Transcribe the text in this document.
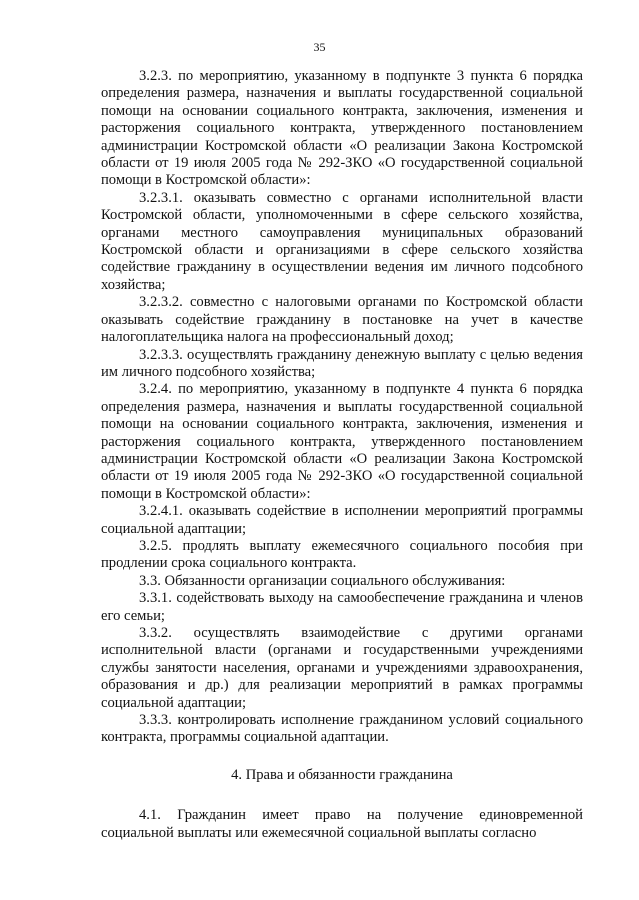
35

3.2.3. по мероприятию, указанному в подпункте 3 пункта 6 порядка определения размера, назначения и выплаты государственной социальной помощи на основании социального контракта, заключения, изменения и расторжения социального контракта, утвержденного постановлением администрации Костромской области «О реализации Закона Костромской области от 19 июля 2005 года № 292-ЗКО «О государственной социальной помощи в Костромской области»:

3.2.3.1. оказывать совместно с органами исполнительной власти Костромской области, уполномоченными в сфере сельского хозяйства, органами местного самоуправления муниципальных образований Костромской области и организациями в сфере сельского хозяйства содействие гражданину в осуществлении ведения им личного подсобного хозяйства;

3.2.3.2. совместно с налоговыми органами по Костромской области оказывать содействие гражданину в постановке на учет в качестве налогоплательщика налога на профессиональный доход;

3.2.3.3. осуществлять гражданину денежную выплату с целью ведения им личного подсобного хозяйства;

3.2.4. по мероприятию, указанному в подпункте 4 пункта 6 порядка определения размера, назначения и выплаты государственной социальной помощи на основании социального контракта, заключения, изменения и расторжения социального контракта, утвержденного постановлением администрации Костромской области «О реализации Закона Костромской области от 19 июля 2005 года № 292-ЗКО «О государственной социальной помощи в Костромской области»:

3.2.4.1. оказывать содействие в исполнении мероприятий программы социальной адаптации;

3.2.5. продлять выплату ежемесячного социального пособия при продлении срока социального контракта.

3.3. Обязанности организации социального обслуживания:

3.3.1. содействовать выходу на самообеспечение гражданина и членов его семьи;

3.3.2. осуществлять взаимодействие с другими органами исполнительной власти (органами и государственными учреждениями службы занятости населения, органами и учреждениями здравоохранения, образования и др.) для реализации мероприятий в рамках программы социальной адаптации;

3.3.3. контролировать исполнение гражданином условий социального контракта, программы социальной адаптации.

4. Права и обязанности гражданина

4.1. Гражданин имеет право на получение единовременной социальной выплаты или ежемесячной социальной выплаты согласно
